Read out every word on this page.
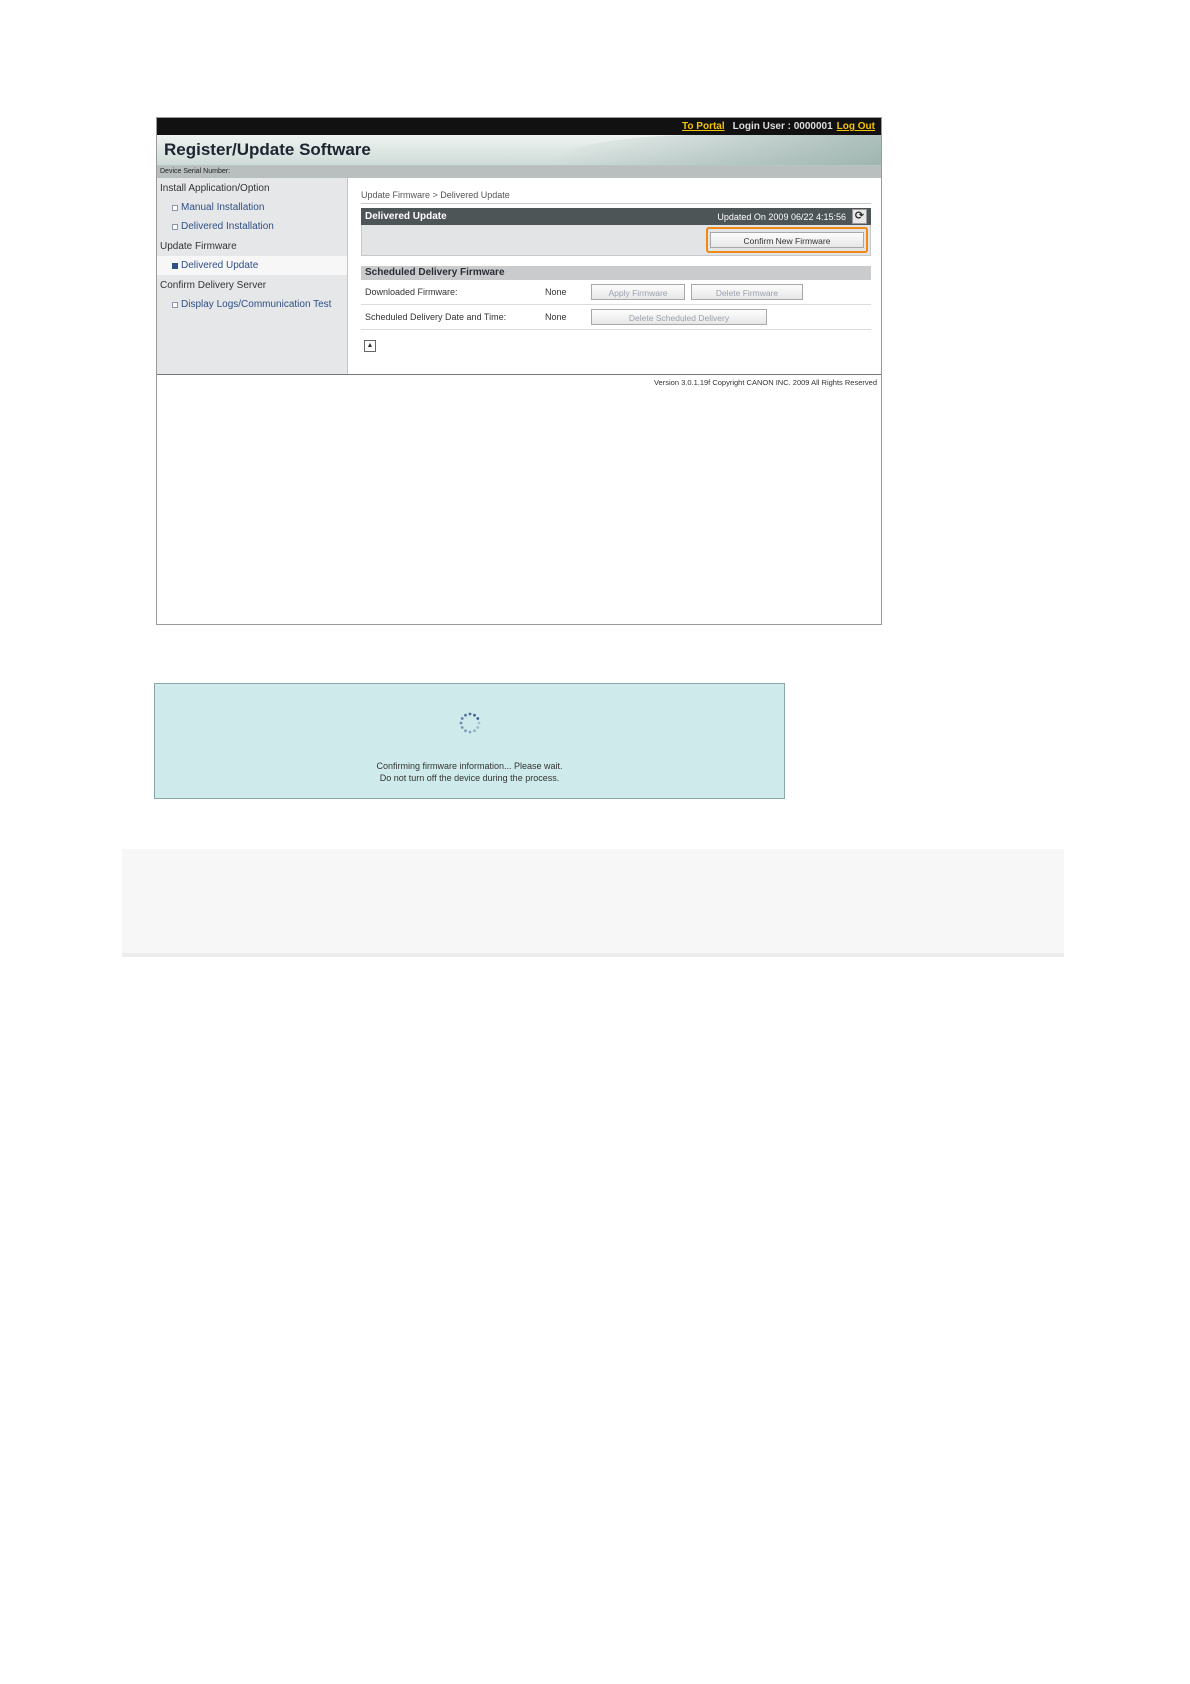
To Portal Login User : 0000001 Log Out
Register/Update Software
Device Serial Number:
Install Application/Option
Manual Installation
Delivered Installation
Update Firmware
Delivered Update
Confirm Delivery Server
Display Logs/Communication Test
Update Firmware > Delivered Update
Delivered Update	Updated On 2009 06/22 4:15:56 ⟳
Confirm New Firmware
Scheduled Delivery Firmware
Downloaded Firmware:	None	Apply Firmware	Delete Firmware
Scheduled Delivery Date and Time:	None	Delete Scheduled Delivery
▲
Version 3.0.1.19f Copyright CANON INC. 2009 All Rights Reserved
Confirming firmware information... Please wait.
Do not turn off the device during the process.
